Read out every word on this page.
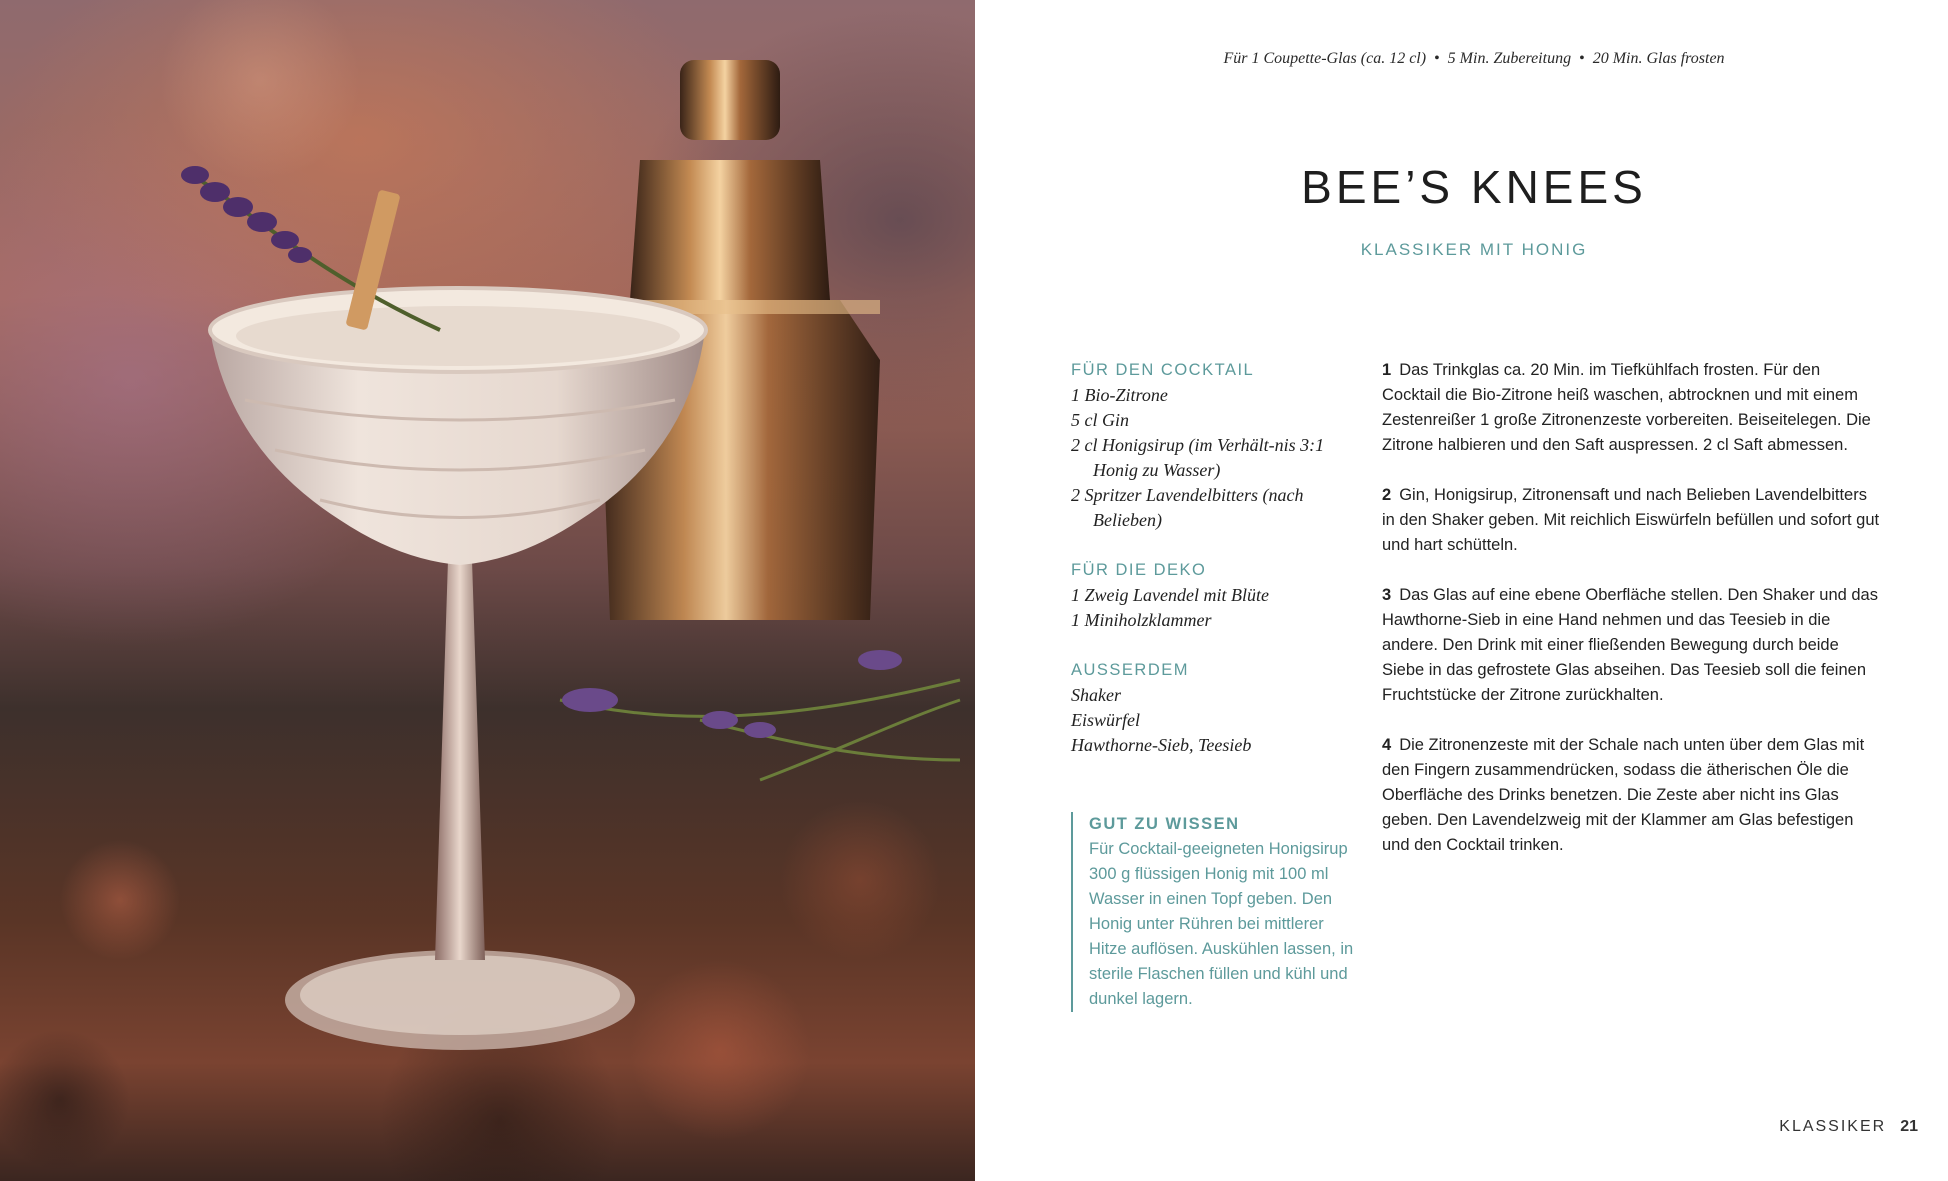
Für 1 Coupette-Glas (ca. 12 cl) • 5 Min. Zubereitung • 20 Min. Glas frosten
BEE’S KNEES
KLASSIKER MIT HONIG
FÜR DEN COCKTAIL
1 Bio-Zitrone
5 cl Gin
2 cl Honigsirup (im Verhält-nis 3:1 Honig zu Wasser)
2 Spritzer Lavendelbitters (nach Belieben)
FÜR DIE DEKO
1 Zweig Lavendel mit Blüte
1 Miniholzklammer
AUSSERDEM
Shaker
Eiswürfel
Hawthorne-Sieb, Teesieb
GUT ZU WISSEN
Für Cocktail-geeigneten Honigsirup 300 g flüssigen Honig mit 100 ml Wasser in einen Topf geben. Den Honig unter Rühren bei mittlerer Hitze auflösen. Auskühlen lassen, in sterile Flaschen füllen und kühl und dunkel lagern.

1 Das Trinkglas ca. 20 Min. im Tiefkühlfach frosten. Für den Cocktail die Bio-Zitrone heiß waschen, abtrocknen und mit einem Zestenreißer 1 große Zitronenzeste vorbereiten. Beiseitelegen. Die Zitrone halbieren und den Saft auspressen. 2 cl Saft abmessen.

2 Gin, Honigsirup, Zitronensaft und nach Belieben Lavendelbitters in den Shaker geben. Mit reichlich Eiswürfeln befüllen und sofort gut und hart schütteln.

3 Das Glas auf eine ebene Oberfläche stellen. Den Shaker und das Hawthorne-Sieb in eine Hand nehmen und das Teesieb in die andere. Den Drink mit einer fließenden Bewegung durch beide Siebe in das gefrostete Glas abseihen. Das Teesieb soll die feinen Fruchtstücke der Zitrone zurückhalten.

4 Die Zitronenzeste mit der Schale nach unten über dem Glas mit den Fingern zusammendrücken, sodass die ätherischen Öle die Oberfläche des Drinks benetzen. Die Zeste aber nicht ins Glas geben. Den Lavendelzweig mit der Klammer am Glas befestigen und den Cocktail trinken.

KLASSIKER 21
